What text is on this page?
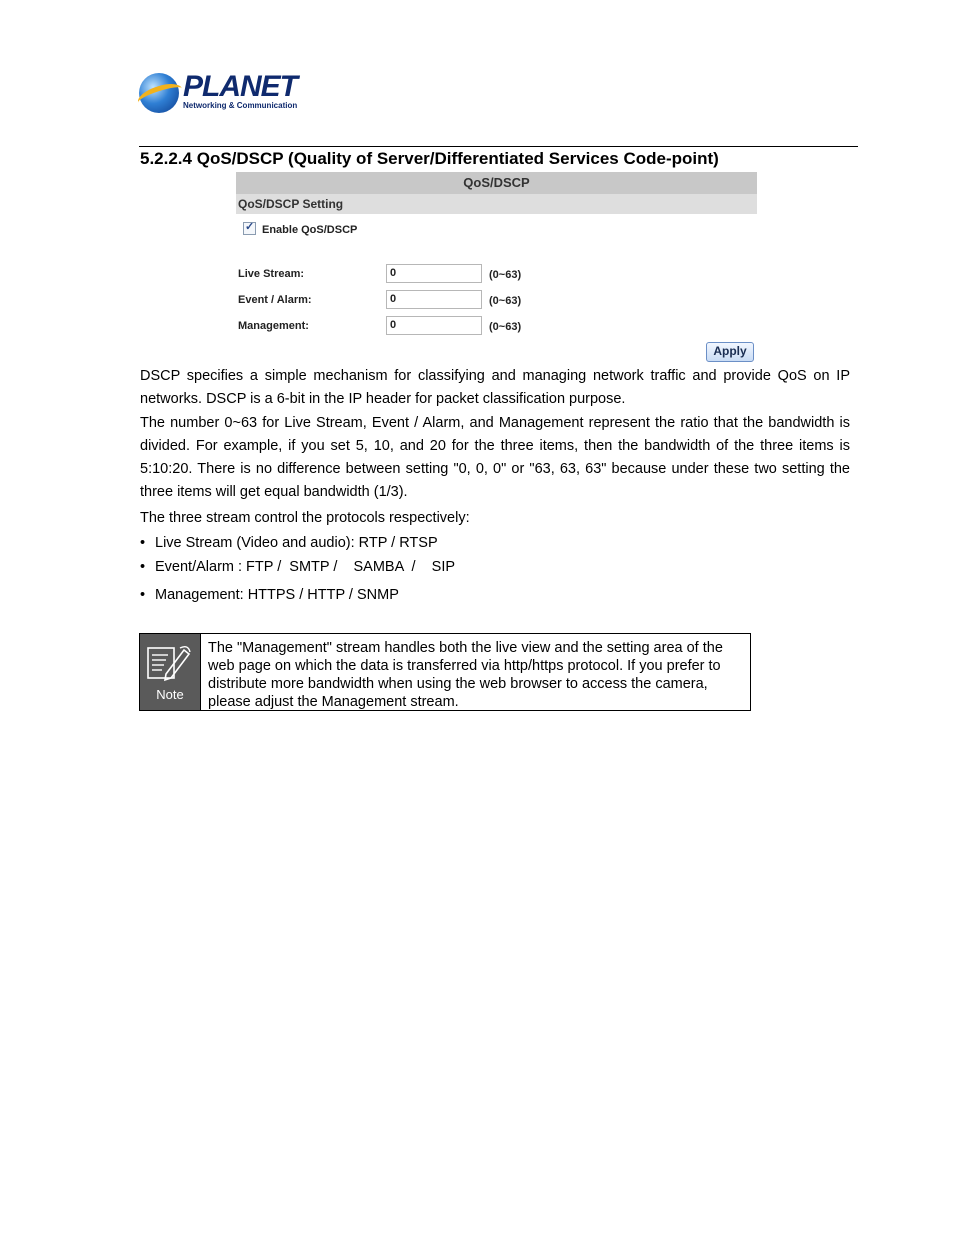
PLANET
Networking & Communication
5.2.2.4 QoS/DSCP (Quality of Server/Differentiated Services Code-point)
QoS/DSCP
QoS/DSCP Setting
✓Enable QoS/DSCP
Live Stream:	0	(0~63)
Event / Alarm:	0	(0~63)
Management:	0	(0~63)
Apply
DSCP specifies a simple mechanism for classifying and managing network traffic and provide QoS on IP networks. DSCP is a 6-bit in the IP header for packet classification purpose.
The number 0~63 for Live Stream, Event / Alarm, and Management represent the ratio that the bandwidth is divided. For example, if you set 5, 10, and 20 for the three items, then the bandwidth of the three items is 5:10:20. There is no difference between setting "0, 0, 0" or "63, 63, 63" because under these two setting the three items will get equal bandwidth (1/3).
The three stream control the protocols respectively:
• Live Stream (Video and audio): RTP / RTSP
• Event/Alarm : FTP /  SMTP /    SAMBA  /    SIP
• Management: HTTPS / HTTP / SNMP
Note
The "Management" stream handles both the live view and the setting area of the web page on which the data is transferred via http/https protocol. If you prefer to distribute more bandwidth when using the web browser to access the camera, please adjust the Management stream.
